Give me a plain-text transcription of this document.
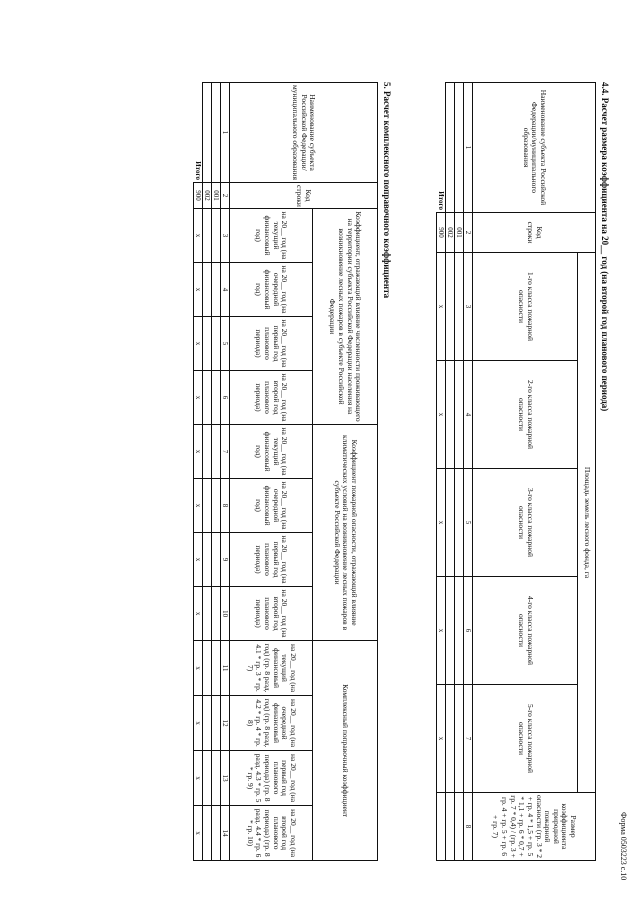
Форма 0503223 с.10
4.4. Расчет размера коэффициента на 20__ год (на второй год планового периода)
Наименование субъекта Российской Федерации/муниципального образования	Код строки	Площадь земель лесного фонда, га					Размер коэффициента природной пожарной опасности (гр. 3 * 2 + гр. 4 * 1,5 + гр. 5 * 1,1 + гр. 6 * 0,7 + гр. 7 * 0,4) / (гр. 3 + гр. 4 + гр. 5 + гр. 6 + гр. 7)
		1-го класса пожарной опасности	2-го класса пожарной опасности	3-го класса пожарной опасности	4-го класса пожарной опасности	5-го класса пожарной опасности	
1	2	3	4	5	6	7	8
	001						
	002						
Итого	900	x	x	x	x	x	
5. Расчет комплексного поправочного коэффициента
Наименование субъекта Российской Федерации/муниципального образования	Код строки	Коэффициент, отражающий влияние численности проживающего на территории субъекта Российской Федерации населения на возникновение лесных пожаров в субъекте Российской Федерации				Коэффициент пожарной опасности, отражающий влияние климатических условий на возникновение лесных пожаров в субъекте Российской Федерации				Комплексный поправочный коэффициент			
		на 20__ год (на текущий финансовый год)	на 20__ год (на очередной финансовый год)	на 20__ год (на первый год планового периода)	на 20__ год (на второй год планового периода)	на 20__ год (на текущий финансовый год)	на 20__ год (на очередной финансовый год)	на 20__ год (на первый год планового периода)	на 20__ год (на второй год планового периода)	на 20__ год (на текущий финансовый год) (гр. 8 разд. 4.1 * гр. 3 * гр. 7)	на 20__ год (на очередной финансовый год) (гр. 8 разд. 4.2 * гр. 4 * гр. 8)	на 20__ год (на первый год планового периода) (гр. 8 разд. 4.3 * гр. 5 * гр. 9)	на 20__ год (на второй год планового периода) (гр. 8 разд. 4.4 * гр. 6 * гр. 10)
1	2	3	4	5	6	7	8	9	10	11	12	13	14
	001												
	002												
Итого	900	x	x	x	x	x	x	x	x	x	x	x	x
